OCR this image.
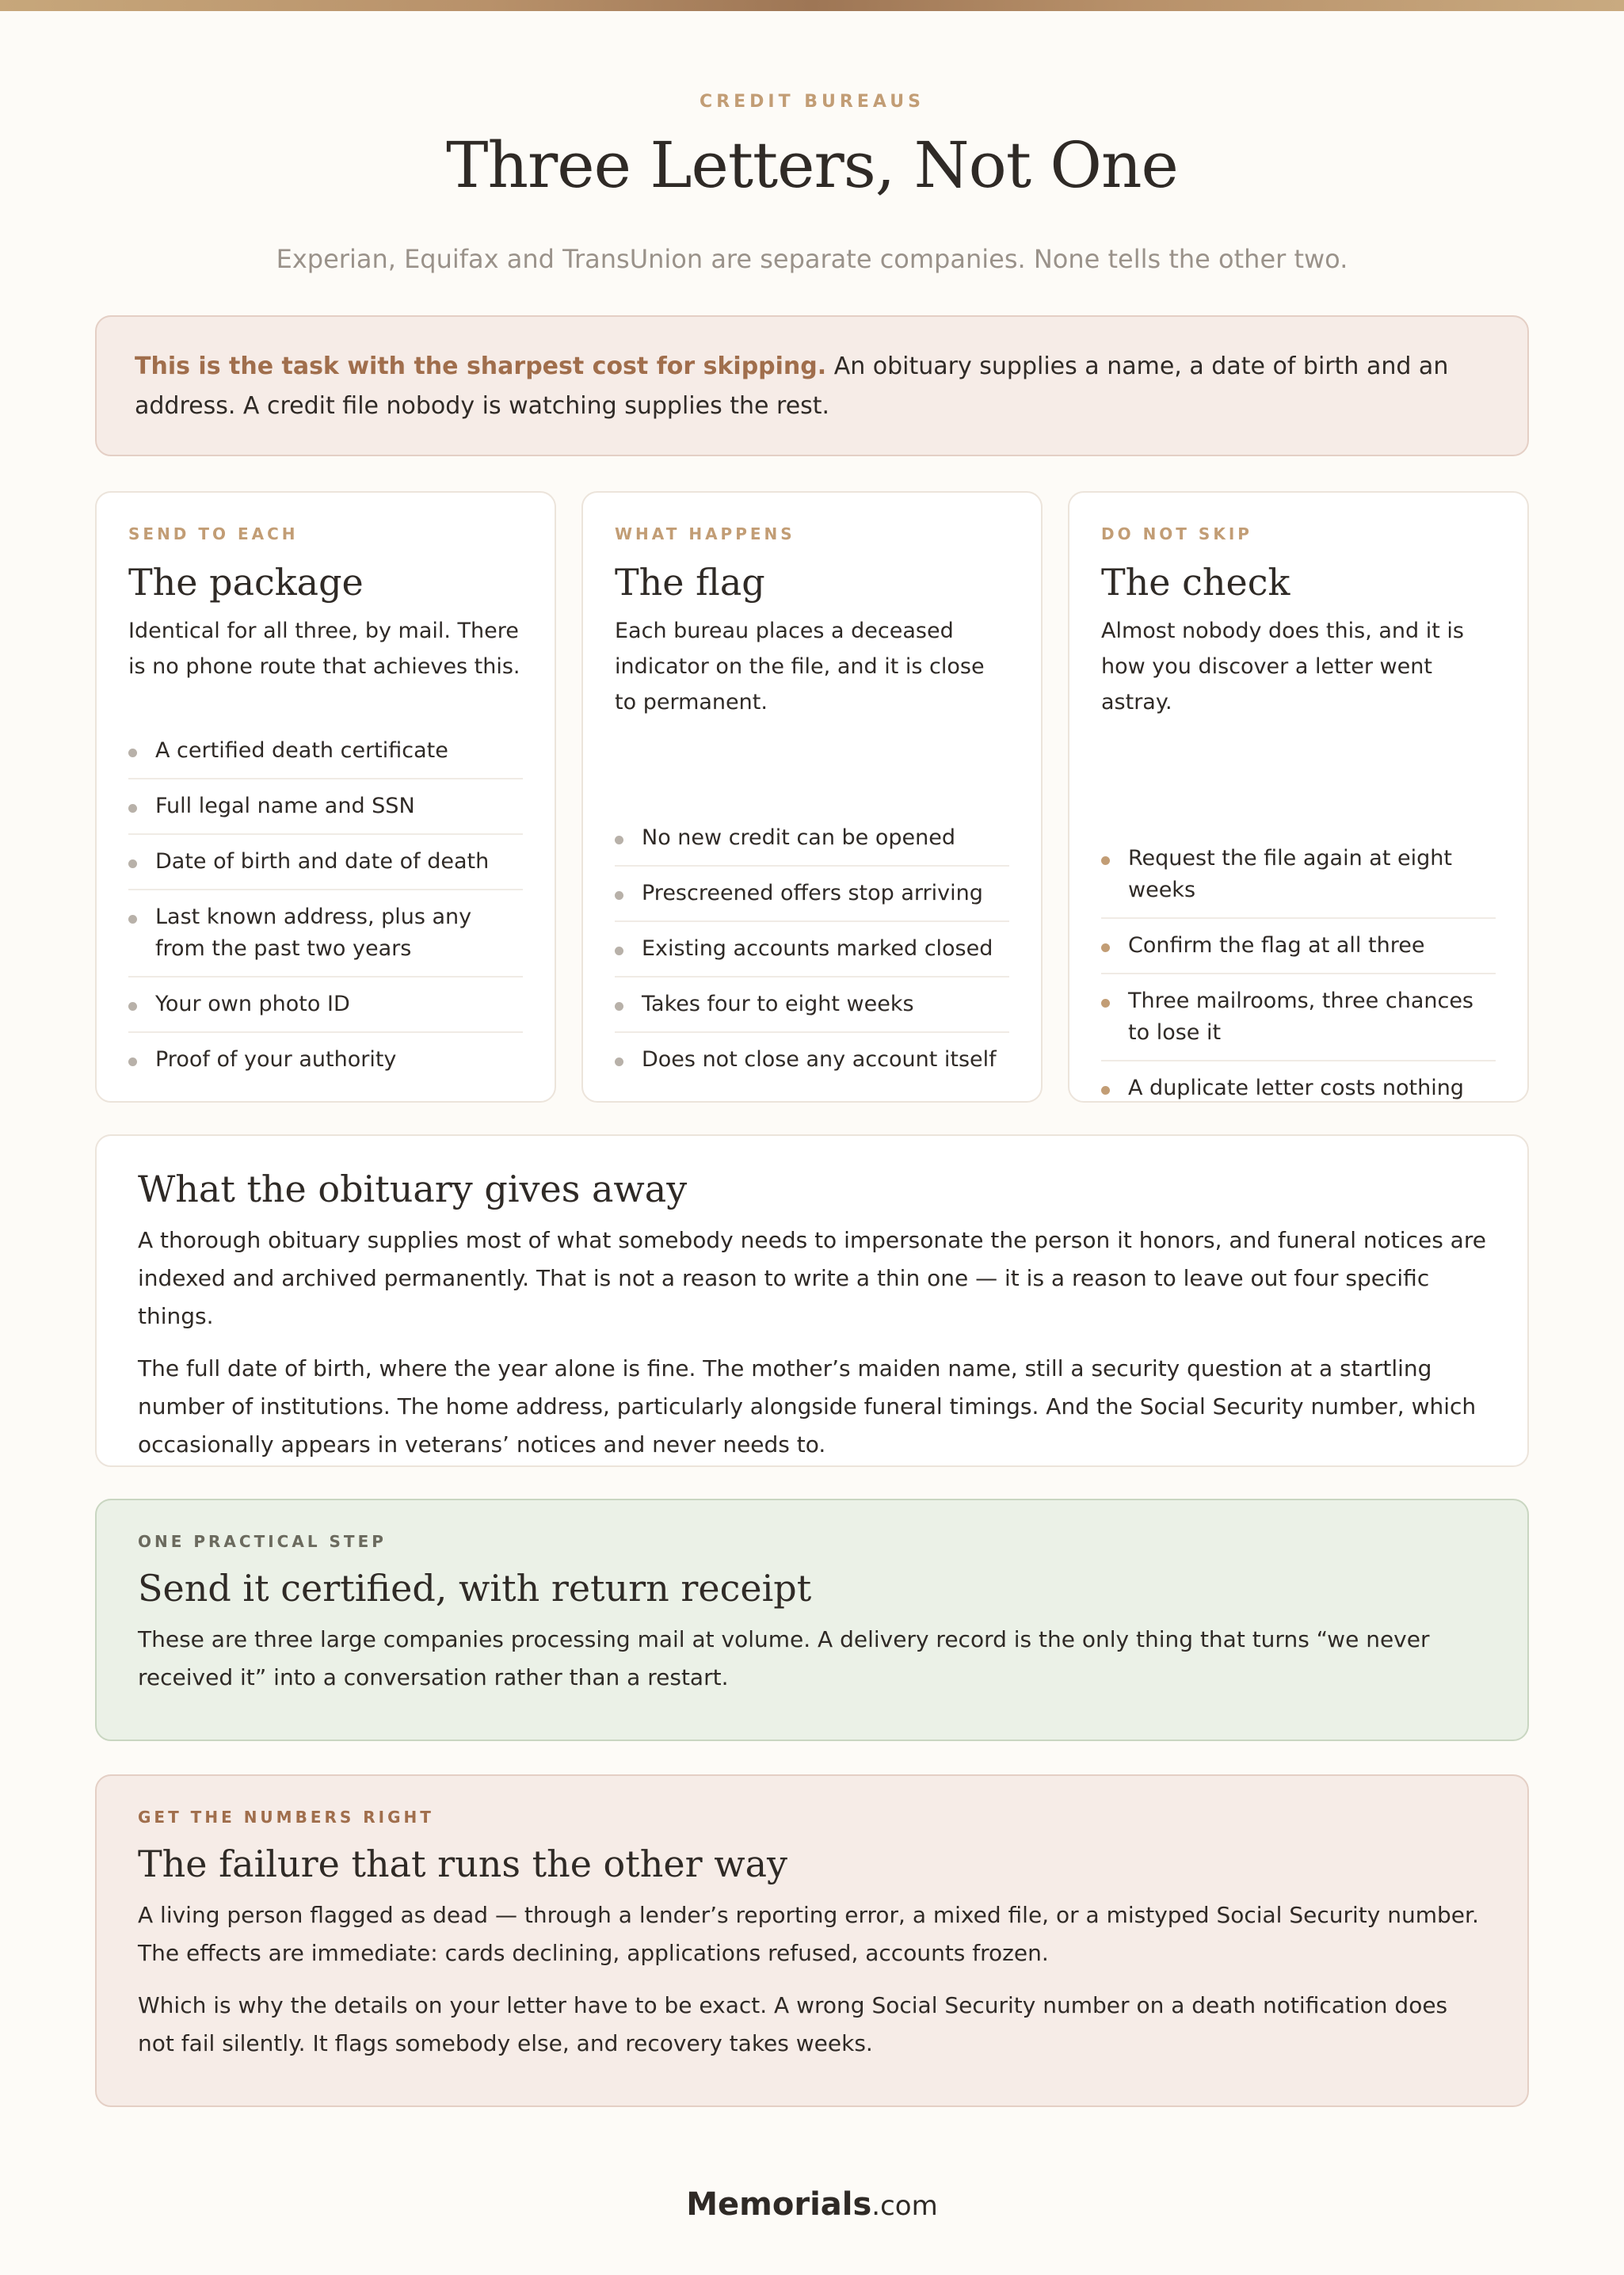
CREDIT BUREAUS
Three Letters, Not One
Experian, Equifax and TransUnion are separate companies. None tells the other two.
This is the task with the sharpest cost for skipping. An obituary supplies a name, a date of birth and an address. A credit file nobody is watching supplies the rest.
SEND TO EACH
The package
Identical for all three, by mail. There is no phone route that achieves this.
A certified death certificate
Full legal name and SSN
Date of birth and date of death
Last known address, plus any from the past two years
Your own photo ID
Proof of your authority
WHAT HAPPENS
The flag
Each bureau places a deceased indicator on the file, and it is close to permanent.
No new credit can be opened
Prescreened offers stop arriving
Existing accounts marked closed
Takes four to eight weeks
Does not close any account itself
DO NOT SKIP
The check
Almost nobody does this, and it is how you discover a letter went astray.
Request the file again at eight weeks
Confirm the flag at all three
Three mailrooms, three chances to lose it
A duplicate letter costs nothing
What the obituary gives away

A thorough obituary supplies most of what somebody needs to impersonate the person it honors, and funeral notices are indexed and archived permanently. That is not a reason to write a thin one — it is a reason to leave out four specific things.

The full date of birth, where the year alone is fine. The mother’s maiden name, still a security question at a startling number of institutions. The home address, particularly alongside funeral timings. And the Social Security number, which occasionally appears in veterans’ notices and never needs to.

ONE PRACTICAL STEP
Send it certified, with return receipt

These are three large companies processing mail at volume. A delivery record is the only thing that turns “we never received it” into a conversation rather than a restart.

GET THE NUMBERS RIGHT
The failure that runs the other way

A living person flagged as dead — through a lender’s reporting error, a mixed file, or a mistyped Social Security number. The effects are immediate: cards declining, applications refused, accounts frozen.

Which is why the details on your letter have to be exact. A wrong Social Security number on a death notification does not fail silently. It flags somebody else, and recovery takes weeks.

Memorials.com
